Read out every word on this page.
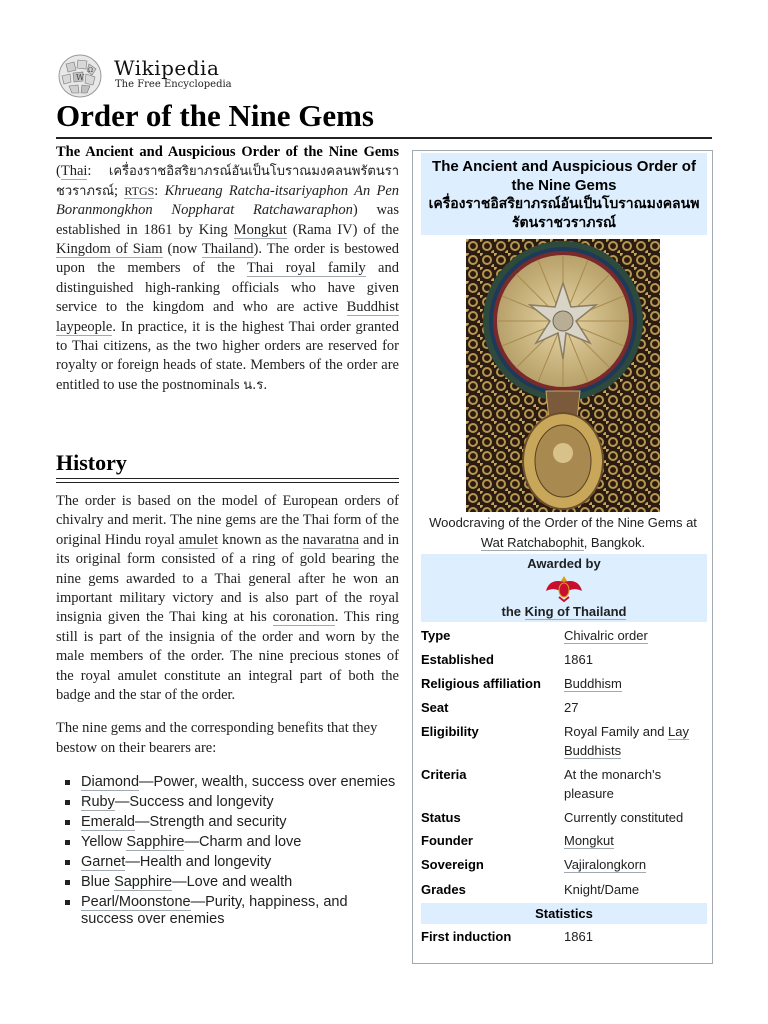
W
Ω Wikipedia
The Free Encyclopedia
Order of the Nine Gems

The Ancient and Auspicious Order of the Nine Gems (Thai: เครื่องราชอิสริยาภรณ์อันเป็นโบราณมงคลนพรัตนราชวราภรณ์; RTGS: Khrueang Ratcha-itsariyaphon An Pen Boranmongkhon Noppharat Ratchawaraphon) was established in 1861 by King Mongkut (Rama IV) of the Kingdom of Siam (now Thailand). The order is bestowed upon the members of the Thai royal family and distinguished high-ranking officials who have given service to the kingdom and who are active Buddhist laypeople. In practice, it is the highest Thai order granted to Thai citizens, as the two higher orders are reserved for royalty or foreign heads of state. Members of the order are entitled to use the postnominals น.ร.

History

The order is based on the model of European orders of chivalry and merit. The nine gems are the Thai form of the original Hindu royal amulet known as the navaratna and in its original form consisted of a ring of gold bearing the nine gems awarded to a Thai general after he won an important military victory and is also part of the royal insignia given the Thai king at his coronation. This ring still is part of the insignia of the order and worn by the male members of the order. The nine precious stones of the royal amulet constitute an integral part of both the badge and the star of the order.

The nine gems and the corresponding benefits that they bestow on their bearers are:

Diamond—Power, wealth, success over enemies
Ruby—Success and longevity
Emerald—Strength and security
Yellow Sapphire—Charm and love
Garnet—Health and longevity
Blue Sapphire—Love and wealth
Pearl/Moonstone—Purity, happiness, and success over enemies
The Ancient and Auspicious Order of the Nine Gems
เครื่องราชอิสริยาภรณ์อันเป็นโบราณมงคลนพรัตนราชวราภรณ์
Woodcraving of the Order of the Nine Gems at Wat Ratchabophit, Bangkok.
Awarded by
the King of Thailand
Type	Chivalric order
Established	1861
Religious affiliation	Buddhism
Seat	27
Eligibility	Royal Family and Lay Buddhists
Criteria	At the monarch's pleasure
Status	Currently constituted
Founder	Mongkut
Sovereign	Vajiralongkorn
Grades	Knight/Dame
Statistics
First induction	1861
